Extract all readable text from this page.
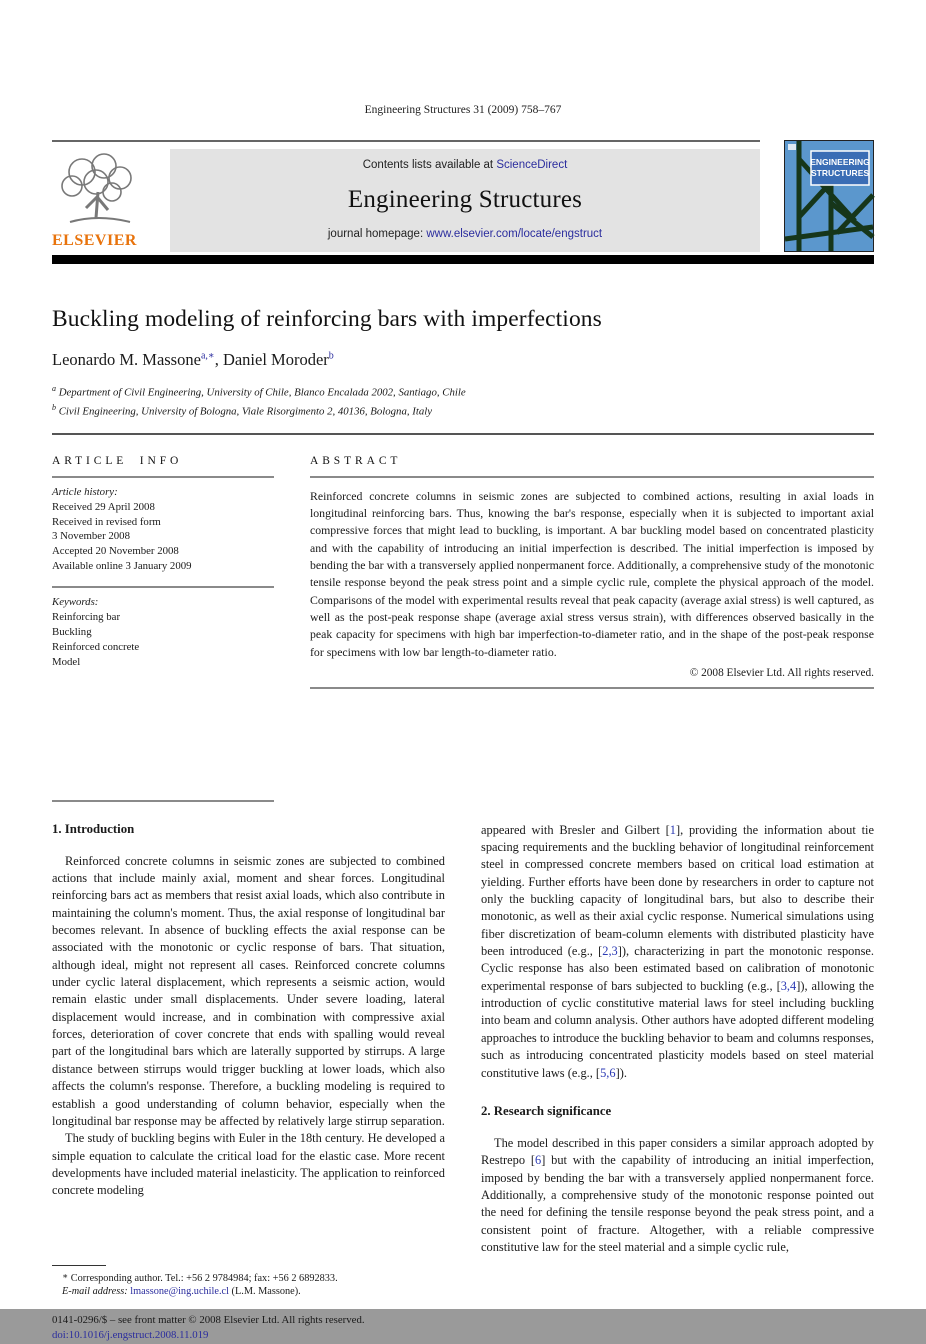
Engineering Structures 31 (2009) 758–767
ELSEVIER
Contents lists available at ScienceDirect
Engineering Structures
journal homepage: www.elsevier.com/locate/engstruct
ENGINEERING
STRUCTURES
Buckling modeling of reinforcing bars with imperfections
Leonardo M. Massone$^{a,∗}$, Daniel Moroder$^b$
$^a$ Department of Civil Engineering, University of Chile, Blanco Encalada 2002, Santiago, Chile
$^b$ Civil Engineering, University of Bologna, Viale Risorgimento 2, 40136, Bologna, Italy
ARTICLE INFO
Article history:
Received 29 April 2008
Received in revised form
3 November 2008
Accepted 20 November 2008
Available online 3 January 2009
Keywords:
Reinforcing bar
Buckling
Reinforced concrete
Model
ABSTRACT
Reinforced concrete columns in seismic zones are subjected to combined actions, resulting in axial loads in longitudinal reinforcing bars. Thus, knowing the bar's response, especially when it is subjected to important axial compressive forces that might lead to buckling, is important. A bar buckling model based on concentrated plasticity and with the capability of introducing an initial imperfection is described. The initial imperfection is imposed by bending the bar with a transversely applied nonpermanent force. Additionally, a comprehensive study of the monotonic tensile response beyond the peak stress point and a simple cyclic rule, complete the physical approach of the model. Comparisons of the model with experimental results reveal that peak capacity (average axial stress) is well captured, as well as the post-peak response shape (average axial stress versus strain), with differences observed basically in the peak capacity for specimens with high bar imperfection-to-diameter ratio, and in the shape of the post-peak response for specimens with low bar length-to-diameter ratio.
© 2008 Elsevier Ltd. All rights reserved.
1. Introduction
Reinforced concrete columns in seismic zones are subjected to combined actions that include mainly axial, moment and shear forces. Longitudinal reinforcing bars act as members that resist axial loads, which also contribute in maintaining the column's moment. Thus, the axial response of longitudinal bar becomes relevant. In absence of buckling effects the axial response can be associated with the monotonic or cyclic response of bars. That situation, although ideal, might not represent all cases. Reinforced concrete columns under cyclic lateral displacement, which represents a seismic action, would remain elastic under small displacements. Under severe loading, lateral displacement would increase, and in combination with compressive axial forces, deterioration of cover concrete that ends with spalling would reveal part of the longitudinal bars which are laterally supported by stirrups. A large distance between stirrups would trigger buckling at lower loads, which also affects the column's response. Therefore, a buckling modeling is required to establish a good understanding of column behavior, especially when the longitudinal bar response may be affected by relatively large stirrup separation.
The study of buckling begins with Euler in the 18th century. He developed a simple equation to calculate the critical load for the elastic case. More recent developments have included material inelasticity. The application to reinforced concrete modeling
∗ Corresponding author. Tel.: +56 2 9784984; fax: +56 2 6892833.
E-mail address: lmassone@ing.uchile.cl (L.M. Massone).
0141-0296/$ – see front matter © 2008 Elsevier Ltd. All rights reserved.
doi:10.1016/j.engstruct.2008.11.019
appeared with Bresler and Gilbert [1], providing the information about tie spacing requirements and the buckling behavior of longitudinal reinforcement steel in compressed concrete members based on critical load estimation at yielding. Further efforts have been done by researchers in order to capture not only the buckling capacity of longitudinal bars, but also to describe their monotonic, as well as their axial cyclic response. Numerical simulations using fiber discretization of beam-column elements with distributed plasticity have been introduced (e.g., [2,3]), characterizing in part the monotonic response. Cyclic response has also been estimated based on calibration of monotonic experimental response of bars subjected to buckling (e.g., [3,4]), allowing the introduction of cyclic constitutive material laws for steel including buckling into beam and column analysis. Other authors have adopted different modeling approaches to introduce the buckling behavior to beam and columns responses, such as introducing concentrated plasticity models based on steel material constitutive laws (e.g., [5,6]).
2. Research significance
The model described in this paper considers a similar approach adopted by Restrepo [6] but with the capability of introducing an initial imperfection, imposed by bending the bar with a transversely applied nonpermanent force. Additionally, a comprehensive study of the monotonic response pointed out the need for defining the tensile response beyond the peak stress point, and a consistent point of fracture. Altogether, with a reliable compressive constitutive law for the steel material and a simple cyclic rule,
